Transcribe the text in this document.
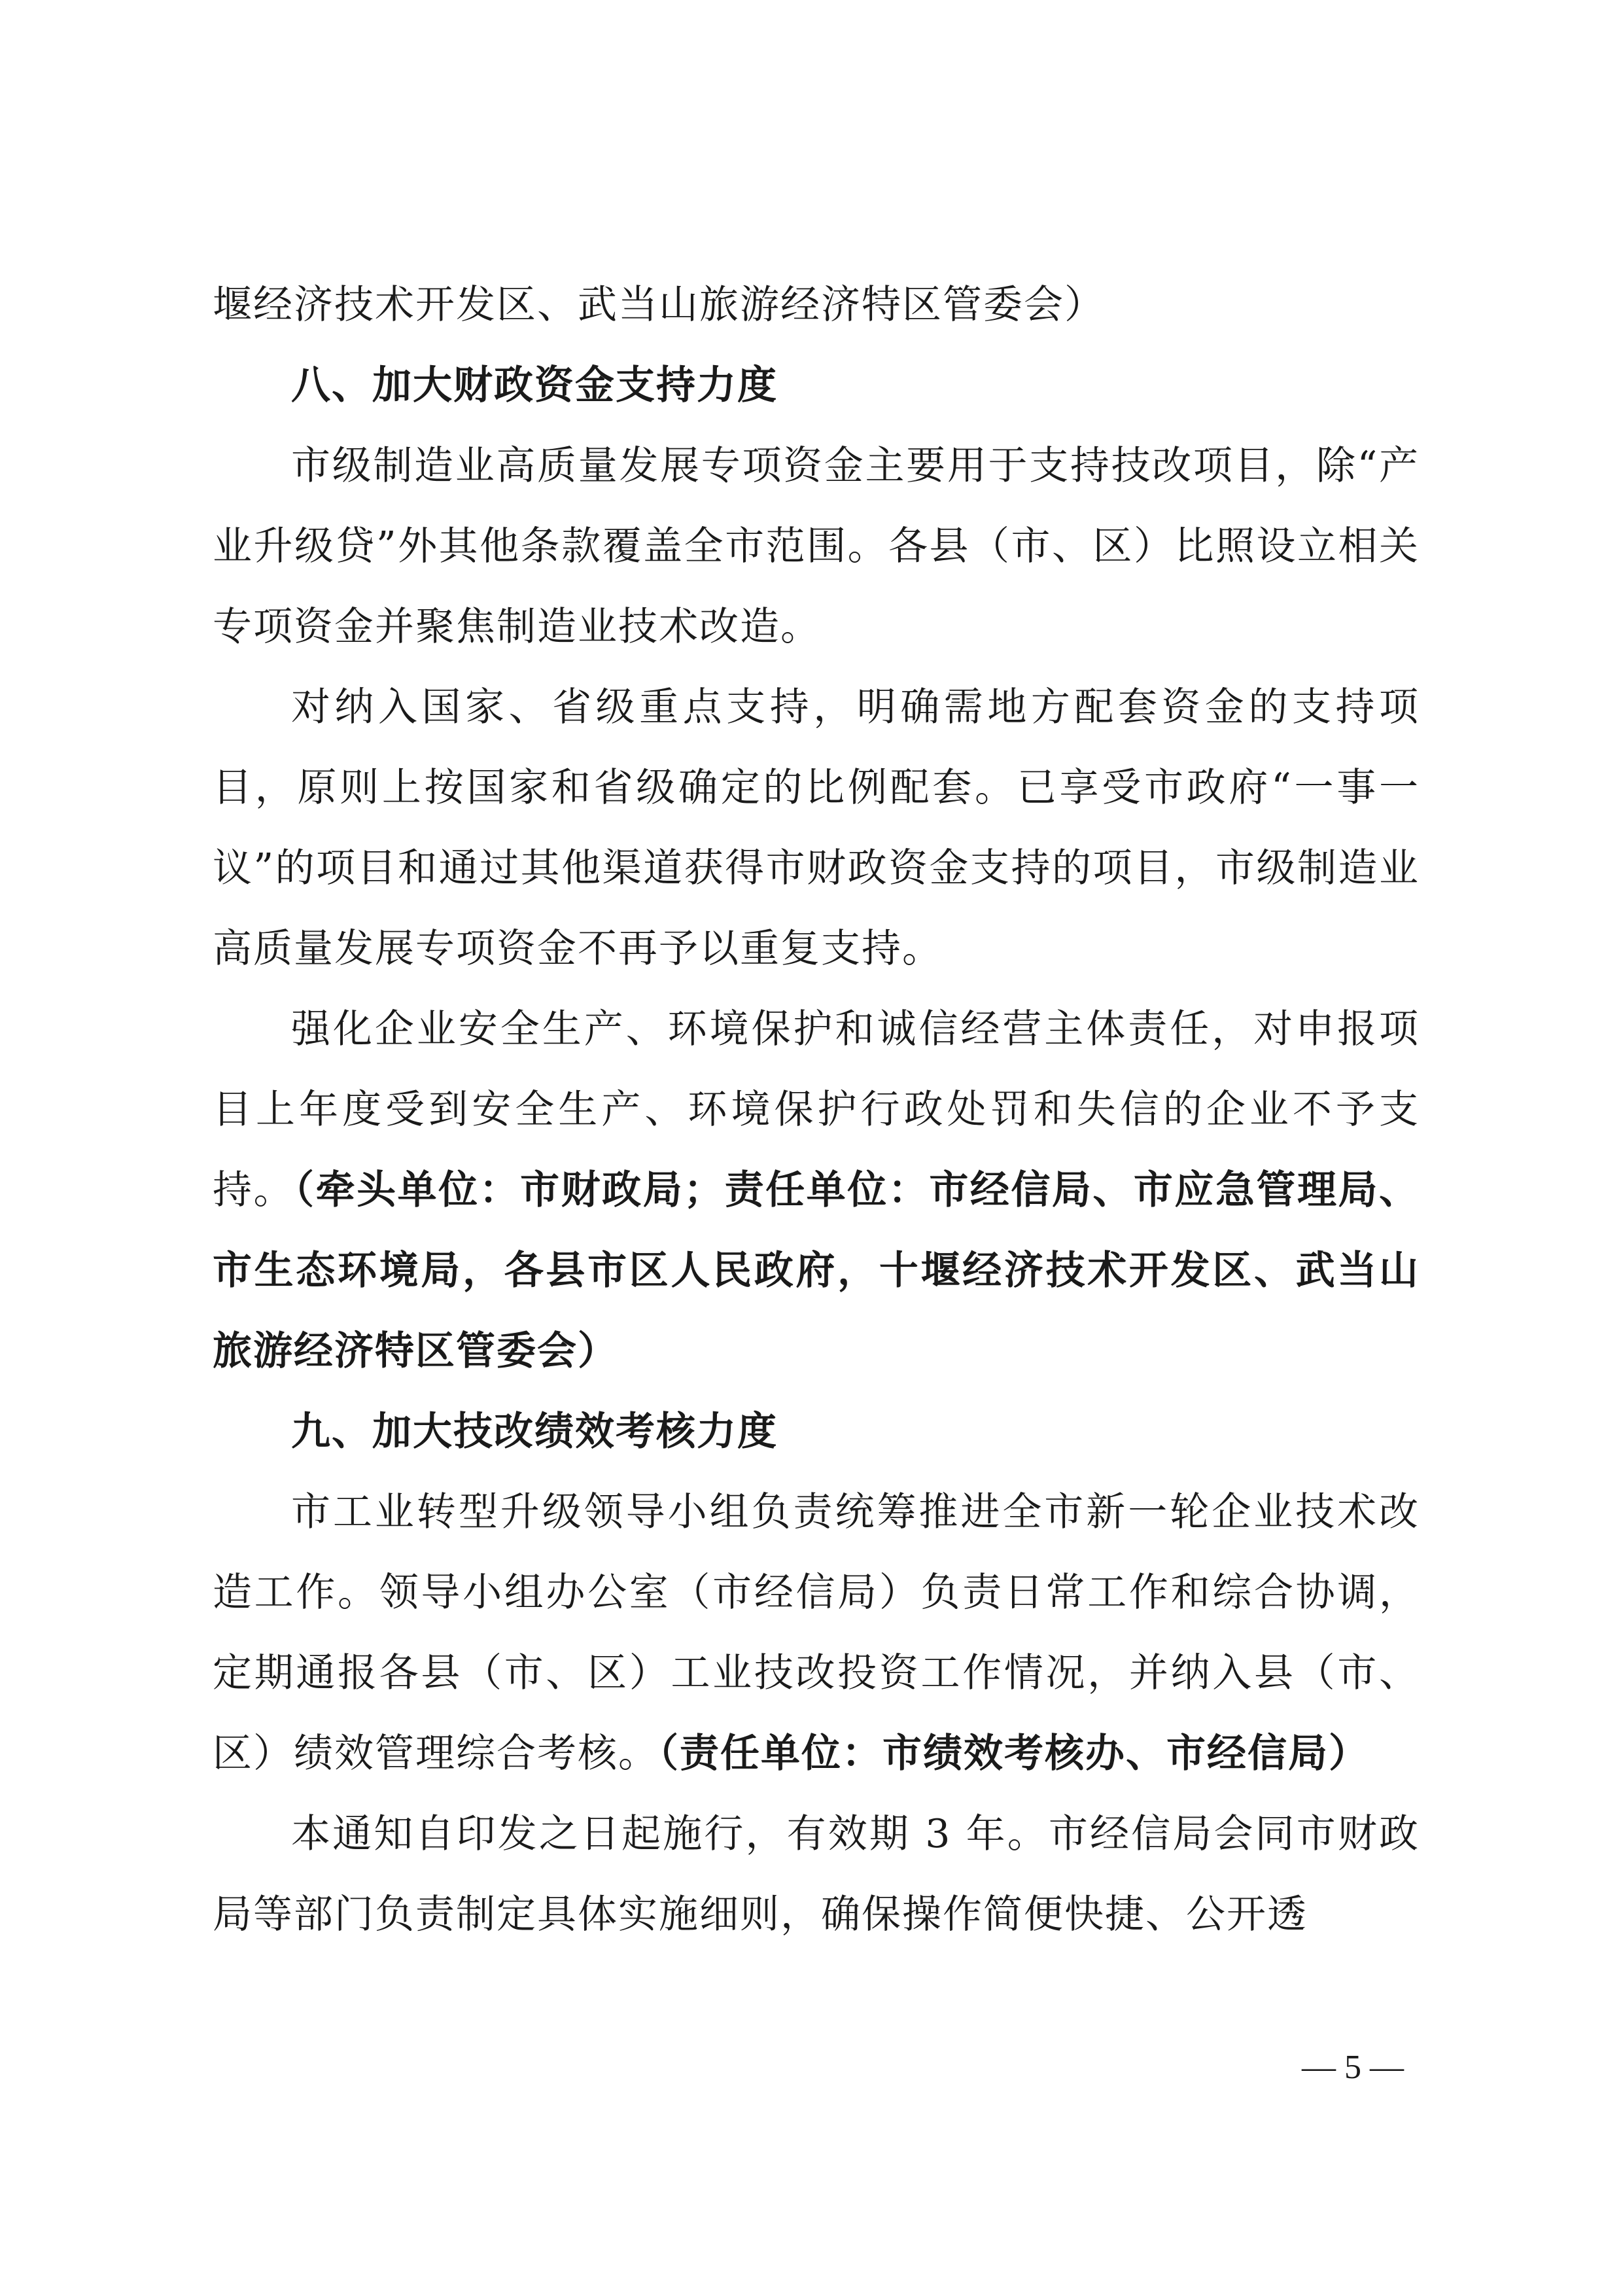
堰经济技术开发区、武当山旅游经济特区管委会）

八、加大财政资金支持力度

市级制造业高质量发展专项资金主要用于支持技改项目，除“产业升级贷”外其他条款覆盖全市范围。各县（市、区）比照设立相关专项资金并聚焦制造业技术改造。

对纳入国家、省级重点支持，明确需地方配套资金的支持项目，原则上按国家和省级确定的比例配套。已享受市政府“一事一议”的项目和通过其他渠道获得市财政资金支持的项目，市级制造业高质量发展专项资金不再予以重复支持。

强化企业安全生产、环境保护和诚信经营主体责任，对申报项目上年度受到安全生产、环境保护行政处罚和失信的企业不予支持。（牵头单位：市财政局；责任单位：市经信局、市应急管理局、市生态环境局，各县市区人民政府，十堰经济技术开发区、武当山旅游经济特区管委会）

九、加大技改绩效考核力度

市工业转型升级领导小组负责统筹推进全市新一轮企业技术改造工作。领导小组办公室（市经信局）负责日常工作和综合协调，定期通报各县（市、区）工业技改投资工作情况，并纳入县（市、区）绩效管理综合考核。（责任单位：市绩效考核办、市经信局）

本通知自印发之日起施行，有效期 3 年。市经信局会同市财政局等部门负责制定具体实施细则，确保操作简便快捷、公开透

— 5 —
